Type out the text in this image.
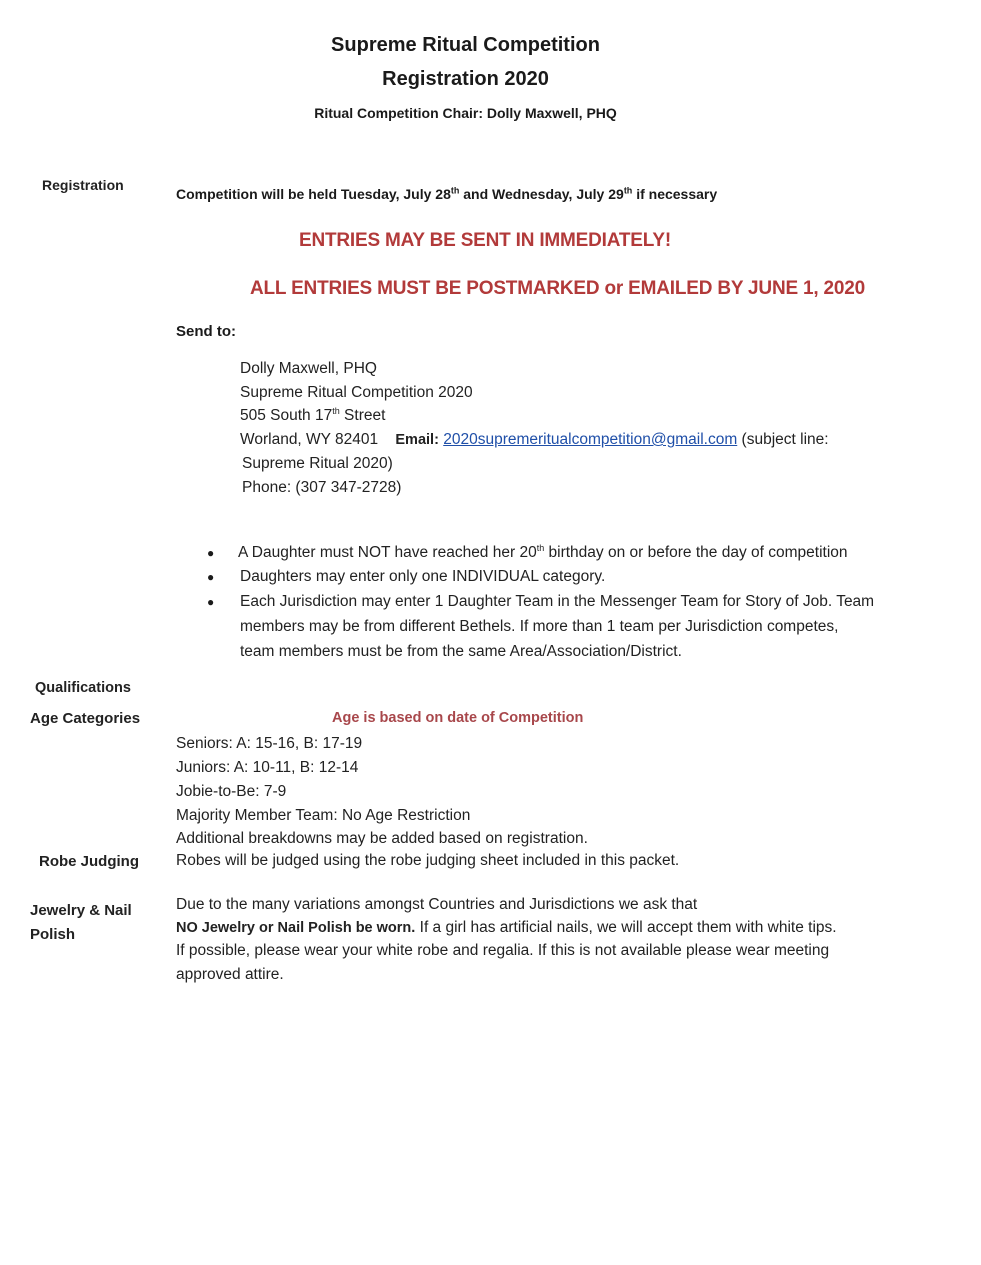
Supreme Ritual Competition
Registration 2020
Ritual Competition Chair: Dolly Maxwell, PHQ
Registration
Competition will be held Tuesday, July 28th and Wednesday, July 29th if necessary
ENTRIES MAY BE SENT IN IMMEDIATELY!
ALL ENTRIES MUST BE POSTMARKED or EMAILED BY JUNE 1, 2020
Send to:
Dolly Maxwell, PHQ
Supreme Ritual Competition 2020
505 South 17th Street
Worland, WY 82401 Email: 2020supremeritualcompetition@gmail.com (subject line:
Supreme Ritual 2020)
Phone: (307 347-2728)
● A Daughter must NOT have reached her 20th birthday on or before the day of competition
● Daughters may enter only one INDIVIDUAL category.
● Each Jurisdiction may enter 1 Daughter Team in the Messenger Team for Story of Job. Team
members may be from different Bethels. If more than 1 team per Jurisdiction competes,
team members must be from the same Area/Association/District.
Qualifications
Age Categories	Age is based on date of Competition
Seniors: A: 15-16, B: 17-19
Juniors: A: 10-11, B: 12-14
Jobie-to-Be: 7-9
Majority Member Team: No Age Restriction
Additional breakdowns may be added based on registration.
Robe Judging Robes will be judged using the robe judging sheet included in this packet.
Jewelry & Nail
Polish
Due to the many variations amongst Countries and Jurisdictions we ask that
NO Jewelry or Nail Polish be worn. If a girl has artificial nails, we will accept them with white tips.
If possible, please wear your white robe and regalia. If this is not available please wear meeting
approved attire.
